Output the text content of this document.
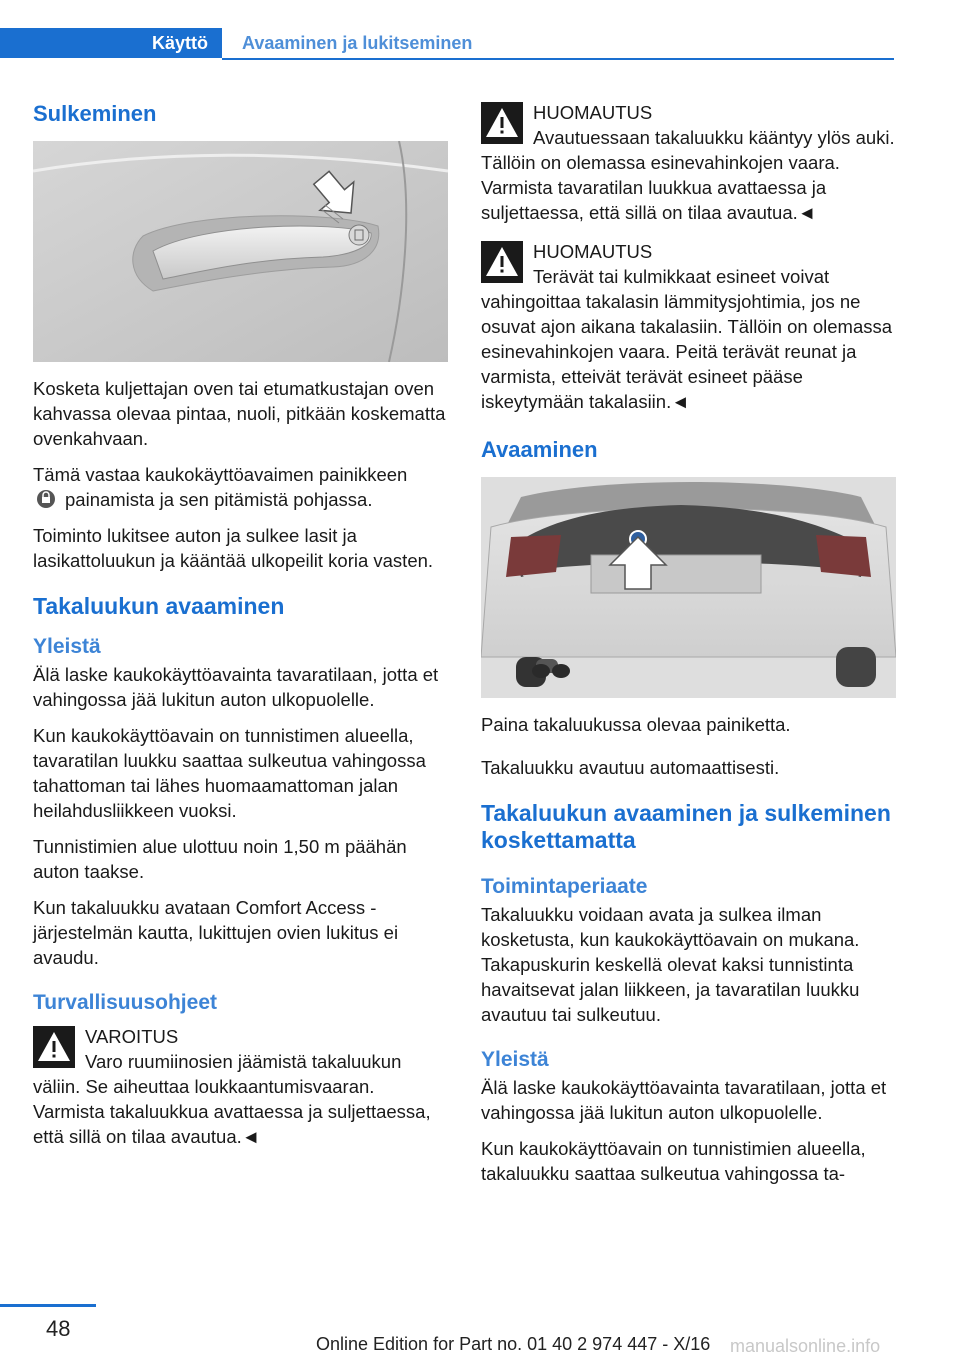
Käyttö	Avaaminen ja lukitseminen
Sulkeminen

Kosketa kuljettajan oven tai etumatkustajan oven kahvassa olevaa pintaa, nuoli, pitkään koskematta ovenkahvaan.

Tämä vastaa kaukokäyttöavaimen painikkeen
painamista ja sen pitämistä pohjassa.

Toiminto lukitsee auton ja sulkee lasit ja lasikattoluukun ja kääntää ulkopeilit koria vasten.

Takaluukun avaaminen
Yleistä

Älä laske kaukokäyttöavainta tavaratilaan, jotta et vahingossa jää lukitun auton ulkopuolelle.

Kun kaukokäyttöavain on tunnistimen alueella, tavaratilan luukku saattaa sulkeutua vahingossa tahattoman tai lähes huomaamattoman jalan heilahdusliikkeen vuoksi.

Tunnistimien alue ulottuu noin 1,50 m päähän auton taakse.

Kun takaluukku avataan Comfort Access -järjestelmän kautta, lukittujen ovien lukitus ei avaudu.

Turvallisuusohjeet
VAROITUS
Varo ruumiinosien jäämistä takaluukun väliin. Se aiheuttaa loukkaantumisvaaran. Varmista takaluukkua avattaessa ja suljettaessa, että sillä on tilaa avautua.◄
HUOMAUTUS
Avautuessaan takaluukku kääntyy ylös auki. Tällöin on olemassa esinevahinkojen vaara. Varmista tavaratilan luukkua avattaessa ja suljettaessa, että sillä on tilaa avautua.◄
HUOMAUTUS
Terävät tai kulmikkaat esineet voivat vahingoittaa takalasin lämmitysjohtimia, jos ne osuvat ajon aikana takalasiin. Tällöin on olemassa esinevahinkojen vaara. Peitä terävät reunat ja varmista, etteivät terävät esineet pääse iskeytymään takalasiin.◄
Avaaminen

Paina takaluukussa olevaa painiketta.

Takaluukku avautuu automaattisesti.

Takaluukun avaaminen ja sulkeminen koskettamatta
Toimintaperiaate

Takaluukku voidaan avata ja sulkea ilman kosketusta, kun kaukokäyttöavain on mukana. Takapuskurin keskellä olevat kaksi tunnistinta havaitsevat jalan liikkeen, ja tavaratilan luukku avautuu tai sulkeutuu.

Yleistä

Älä laske kaukokäyttöavainta tavaratilaan, jotta et vahingossa jää lukitun auton ulkopuolelle.

Kun kaukokäyttöavain on tunnistimien alueella, takaluukku saattaa sulkeutua vahingossa ta-

48
Online Edition for Part no. 01 40 2 974 447 - X/16 manualsonline.info
